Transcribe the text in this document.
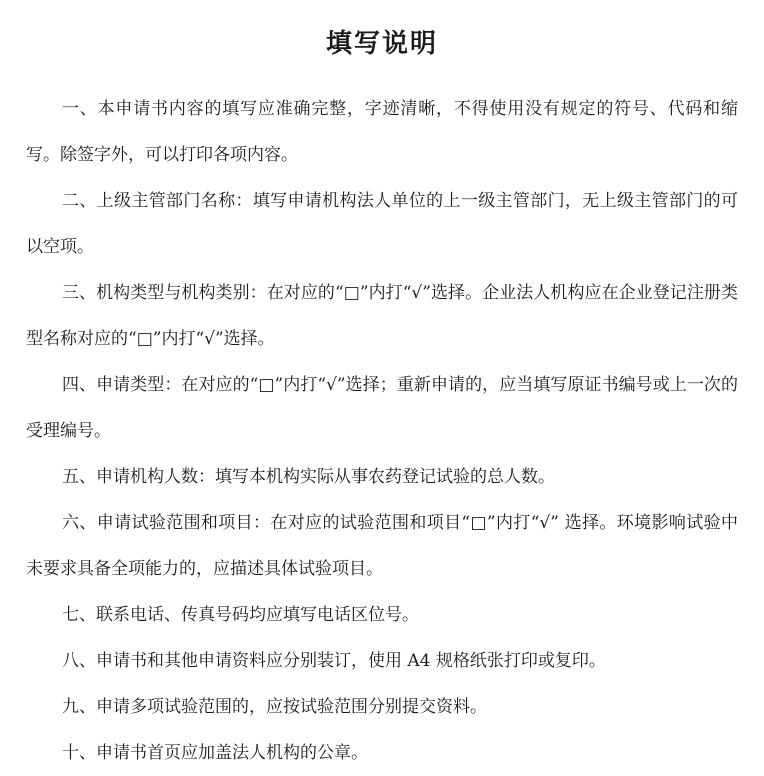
填写说明

一、本申请书内容的填写应准确完整，字迹清晰，不得使用没有规定的符号、代码和缩写。除签字外，可以打印各项内容。

二、上级主管部门名称：填写申请机构法人单位的上一级主管部门，无上级主管部门的可以空项。

三、机构类型与机构类别：在对应的“□”内打“√”选择。企业法人机构应在企业登记注册类型名称对应的“□”内打“√”选择。

四、申请类型：在对应的“□”内打“√”选择；重新申请的，应当填写原证书编号或上一次的受理编号。

五、申请机构人数：填写本机构实际从事农药登记试验的总人数。

六、申请试验范围和项目：在对应的试验范围和项目“□”内打“√” 选择。环境影响试验中未要求具备全项能力的，应描述具体试验项目。

七、联系电话、传真号码均应填写电话区位号。

八、申请书和其他申请资料应分别装订，使用 A4 规格纸张打印或复印。

九、申请多项试验范围的，应按试验范围分别提交资料。

十、申请书首页应加盖法人机构的公章。
